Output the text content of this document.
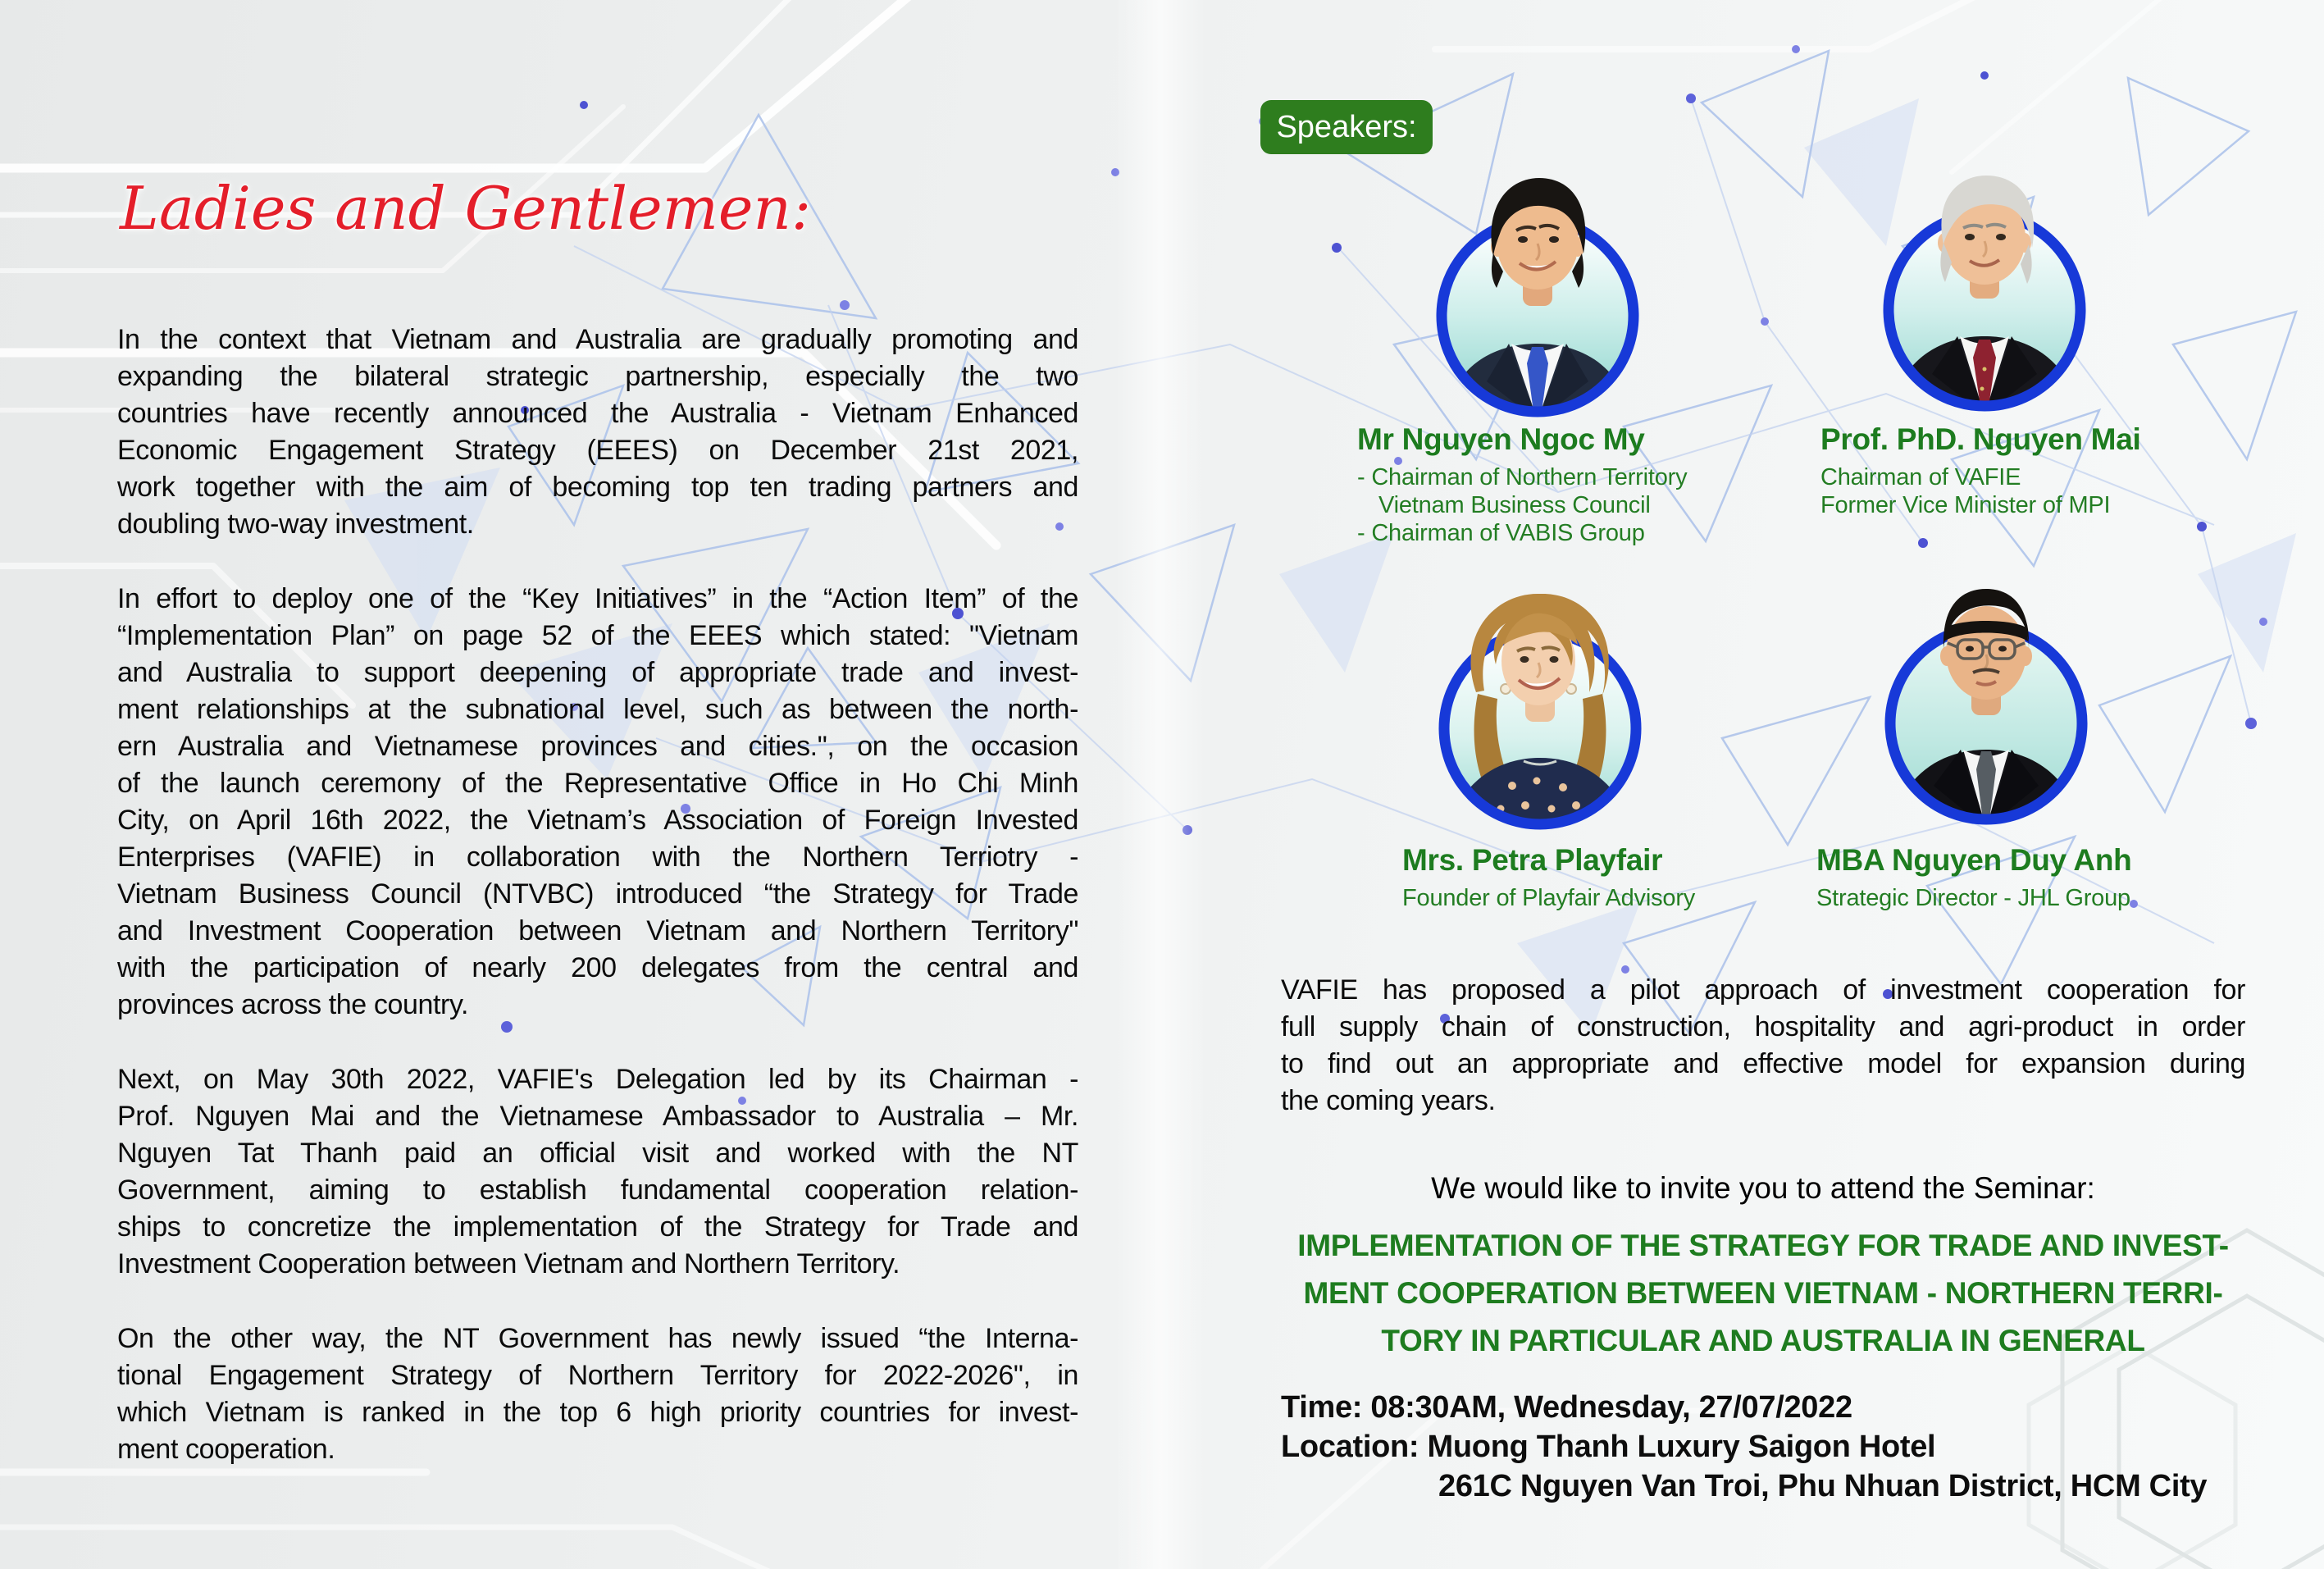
Ladies and Gentlemen:
In the context that Vietnam and Australia are gradually promoting and
expanding the bilateral strategic partnership, especially the two
countries have recently announced the Australia - Vietnam Enhanced
Economic Engagement Strategy (EEES) on December 21st 2021,
work together with the aim of becoming top ten trading partners and
doubling two-way investment.
In effort to deploy one of the “Key Initiatives” in the “Action Item” of the
“Implementation Plan” on page 52 of the EEES which stated: "Vietnam
and Australia to support deepening of appropriate trade and invest-
ment relationships at the subnational level, such as between the north-
ern Australia and Vietnamese provinces and cities.", on the occasion
of the launch ceremony of the Representative Office in Ho Chi Minh
City, on April 16th 2022, the Vietnam’s Association of Foreign Invested
Enterprises (VAFIE) in collaboration with the Northern Terriotry -
Vietnam Business Council (NTVBC) introduced “the Strategy for Trade
and Investment Cooperation between Vietnam and Northern Territory"
with the participation of nearly 200 delegates from the central and
provinces across the country.
Next, on May 30th 2022, VAFIE's Delegation led by its Chairman -
Prof. Nguyen Mai and the Vietnamese Ambassador to Australia – Mr.
Nguyen Tat Thanh paid an official visit and worked with the NT
Government, aiming to establish fundamental cooperation relation-
ships to concretize the implementation of the Strategy for Trade and
Investment Cooperation between Vietnam and Northern Territory.
On the other way, the NT Government has newly issued “the Interna-
tional Engagement Strategy of Northern Territory for 2022-2026", in
which Vietnam is ranked in the top 6 high priority countries for invest-
ment cooperation.
Speakers:
Mr Nguyen Ngoc My
- Chairman of Northern Territory
Vietnam Business Council
- Chairman of VABIS Group
Prof. PhD. Nguyen Mai
Chairman of VAFIE
Former Vice Minister of MPI
Mrs. Petra Playfair
Founder of Playfair Advisory
MBA Nguyen Duy Anh
Strategic Director - JHL Group
VAFIE has proposed a pilot approach of investment cooperation for
full supply chain of construction, hospitality and agri-product in order
to find out an appropriate and effective model for expansion during
the coming years.
We would like to invite you to attend the Seminar:
IMPLEMENTATION OF THE STRATEGY FOR TRADE AND INVEST-
MENT COOPERATION BETWEEN VIETNAM - NORTHERN TERRI-
TORY IN PARTICULAR AND AUSTRALIA IN GENERAL
Time: 08:30AM, Wednesday, 27/07/2022
Location: Muong Thanh Luxury Saigon Hotel
261C Nguyen Van Troi, Phu Nhuan District, HCM City
